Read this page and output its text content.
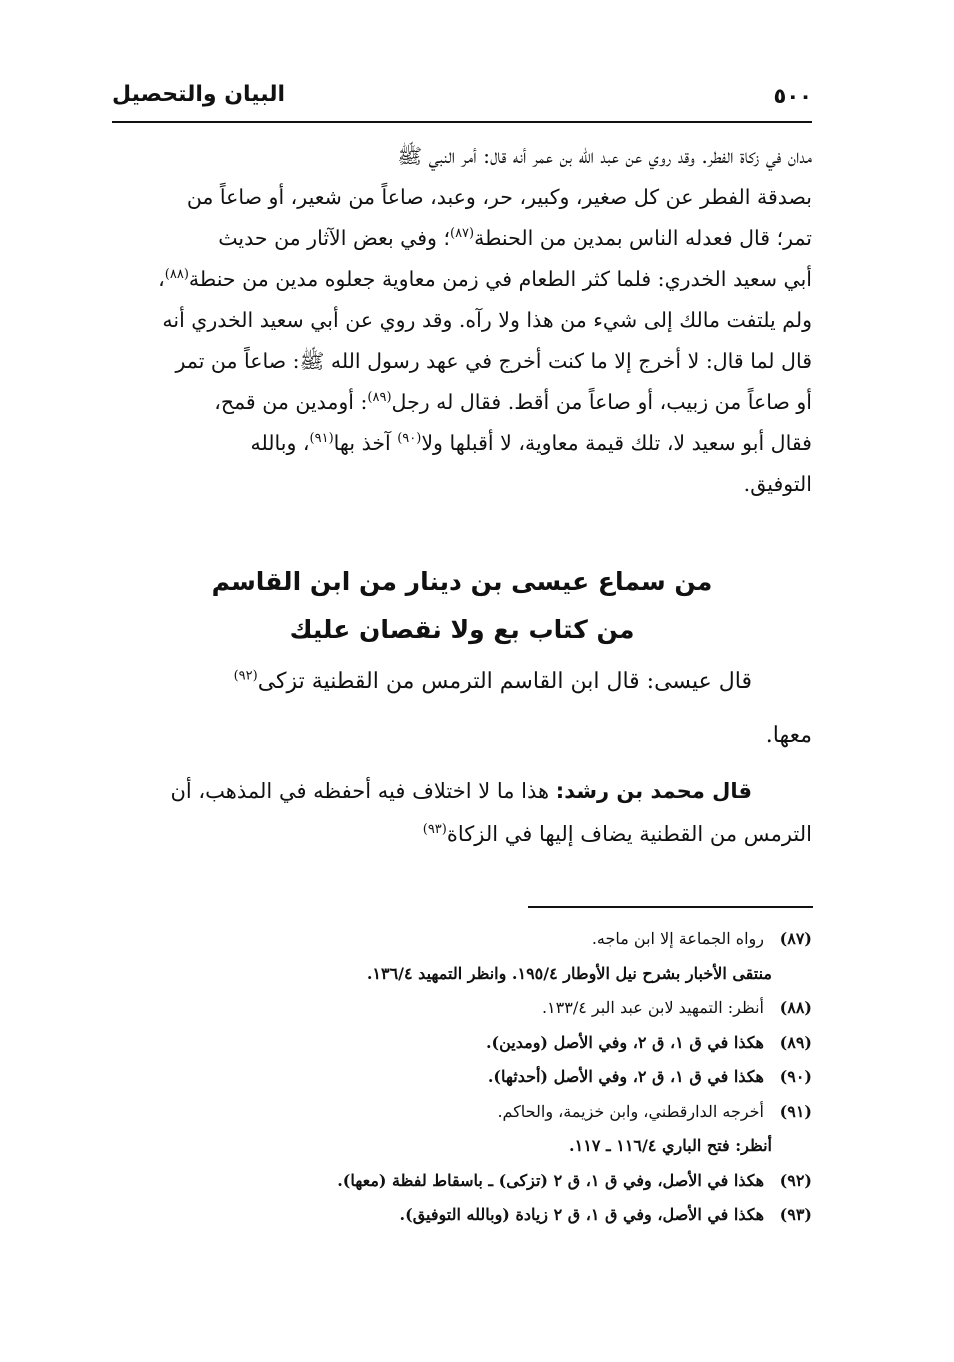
٥٠٠
البيان والتحصيل
مدان في زكاة الفطر. وقد روي عن عبد الله بن عمر أنه قال: أمر النبي ﷺ
بصدقة الفطر عن كل صغير، وكبير، حر، وعبد، صاعاً من شعير، أو صاعاً من
تمر؛ قال فعدله الناس بمدين من الحنطة$^{(٨٧)}$؛ وفي بعض الآثار من حديث
أبي سعيد الخدري: فلما كثر الطعام في زمن معاوية جعلوه مدين من حنطة$^{(٨٨)}$،
ولم يلتفت مالك إلى شيء من هذا ولا رآه. وقد روي عن أبي سعيد الخدري أنه
قال لما قال: لا أخرج إلا ما كنت أخرج في عهد رسول الله ﷺ: صاعاً من تمر
أو صاعاً من زبيب، أو صاعاً من أقط. فقال له رجل$^{(٨٩)}$: أومدين من قمح،
فقال أبو سعيد لا، تلك قيمة معاوية، لا أقبلها ولا$^{(٩٠)}$ آخذ بها$^{(٩١)}$، وبالله
التوفيق.
من سماع عيسى بن دينار من ابن القاسم
من كتاب بع ولا نقصان عليك
قال عيسى: قال ابن القاسم الترمس من القطنية تزكى$^{(٩٢)}$
معها.
قال محمد بن رشد: هذا ما لا اختلاف فيه أحفظه في المذهب، أن
الترمس من القطنية يضاف إليها في الزكاة$^{(٩٣)}$
(٨٧)رواه الجماعة إلا ابن ماجه.
منتقى الأخبار بشرح نيل الأوطار ١٩٥/٤. وانظر التمهيد ١٣٦/٤.
(٨٨)أنظر: التمهيد لابن عبد البر ١٣٣/٤.
(٨٩)هكذا في ق ١، ق ٢، وفي الأصل (ومدين).
(٩٠)هكذا في ق ١، ق ٢، وفي الأصل (أحدثها).
(٩١)أخرجه الدارقطني، وابن خزيمة، والحاكم.
أنظر: فتح الباري ١١٦/٤ ـ ١١٧.
(٩٢)هكذا في الأصل، وفي ق ١، ق ٢ (تزكى) ـ باسقاط لفظة (معها).
(٩٣)هكذا في الأصل، وفي ق ١، ق ٢ زيادة (وبالله التوفيق).
